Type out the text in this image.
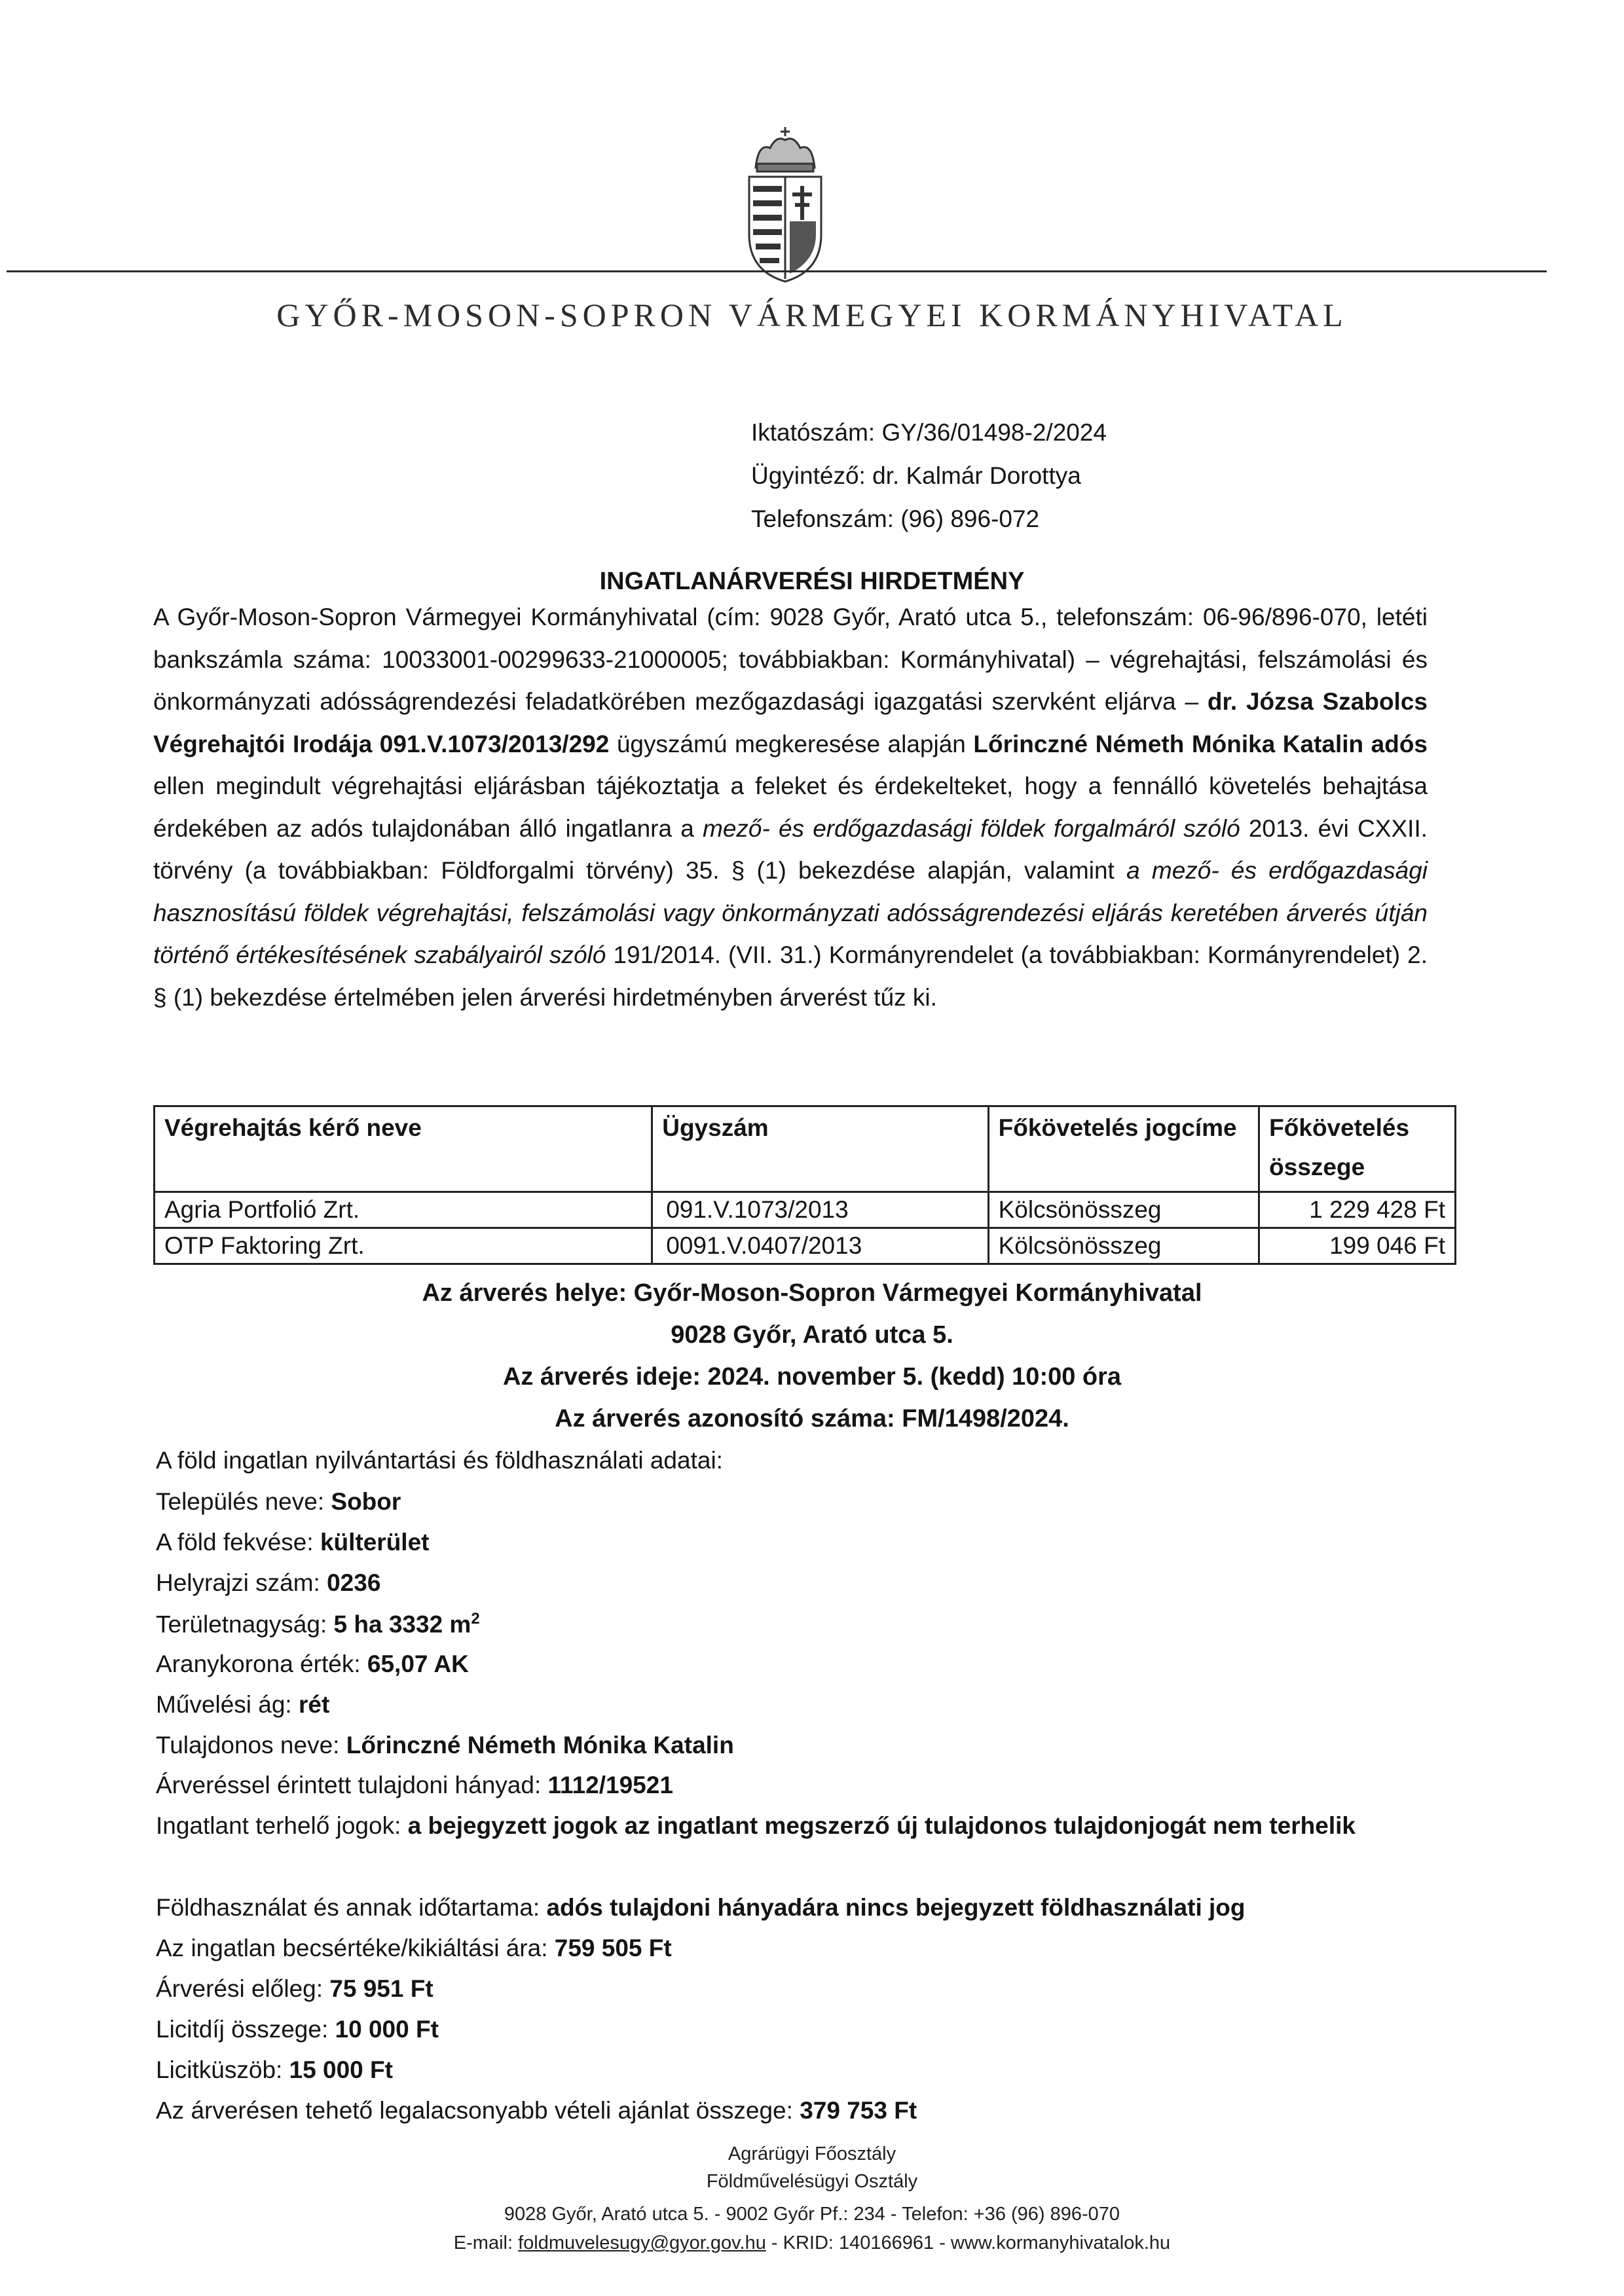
GYŐR-MOSON-SOPRON VÁRMEGYEI KORMÁNYHIVATAL
Iktatószám: GY/36/01498-2/2024
Ügyintéző: dr. Kalmár Dorottya
Telefonszám: (96) 896-072
INGATLANÁRVERÉSI HIRDETMÉNY
A Győr-Moson-Sopron Vármegyei Kormányhivatal (cím: 9028 Győr, Arató utca 5., telefonszám: 06-96/896-070, letéti bankszámla száma: 10033001-00299633-21000005; továbbiakban: Kormányhivatal) – végrehajtási, felszámolási és önkormányzati adósságrendezési feladatkörében mezőgazdasági igazgatási szervként eljárva – dr. Józsa Szabolcs Végrehajtói Irodája 091.V.1073/2013/292 ügyszámú megkeresése alapján Lőrinczné Németh Mónika Katalin adós ellen megindult végrehajtási eljárásban tájékoztatja a feleket és érdekelteket, hogy a fennálló követelés behajtása érdekében az adós tulajdonában álló ingatlanra a mező- és erdőgazdasági földek forgalmáról szóló 2013. évi CXXII. törvény (a továbbiakban: Földforgalmi törvény) 35. § (1) bekezdése alapján, valamint a mező- és erdőgazdasági hasznosítású földek végrehajtási, felszámolási vagy önkormányzati adósságrendezési eljárás keretében árverés útján történő értékesítésének szabályairól szóló 191/2014. (VII. 31.) Kormányrendelet (a továbbiakban: Kormányrendelet) 2. § (1) bekezdése értelmében jelen árverési hirdetményben árverést tűz ki.
Végrehajtás kérő neve	Ügyszám	Főkövetelés jogcíme	Főkövetelés összege
Agria Portfolió Zrt.	091.V.1073/2013	Kölcsönösszeg	1 229 428 Ft
OTP Faktoring Zrt.	0091.V.0407/2013	Kölcsönösszeg	199 046 Ft
Az árverés helye: Győr-Moson-Sopron Vármegyei Kormányhivatal
9028 Győr, Arató utca 5.
Az árverés ideje: 2024. november 5. (kedd) 10:00 óra
Az árverés azonosító száma: FM/1498/2024.
A föld ingatlan nyilvántartási és földhasználati adatai:
Település neve: Sobor
A föld fekvése: külterület
Helyrajzi szám: 0236
Területnagyság: 5 ha 3332 $m^2$
Aranykorona érték: 65,07 AK
Művelési ág: rét
Tulajdonos neve: Lőrinczné Németh Mónika Katalin
Árveréssel érintett tulajdoni hányad: 1112/19521
Ingatlant terhelő jogok: a bejegyzett jogok az ingatlant megszerző új tulajdonos tulajdonjogát nem terhelik
Földhasználat és annak időtartama: adós tulajdoni hányadára nincs bejegyzett földhasználati jog
Az ingatlan becsértéke/kikiáltási ára: 759 505 Ft
Árverési előleg: 75 951 Ft
Licitdíj összege: 10 000 Ft
Licitküszöb: 15 000 Ft
Az árverésen tehető legalacsonyabb vételi ajánlat összege: 379 753 Ft
Agrárügyi Főosztály
Földművelésügyi Osztály
9028 Győr, Arató utca 5. - 9002 Győr Pf.: 234 - Telefon: +36 (96) 896-070
E-mail: foldmuvelesugy@gyor.gov.hu - KRID: 140166961 - www.kormanyhivatalok.hu
